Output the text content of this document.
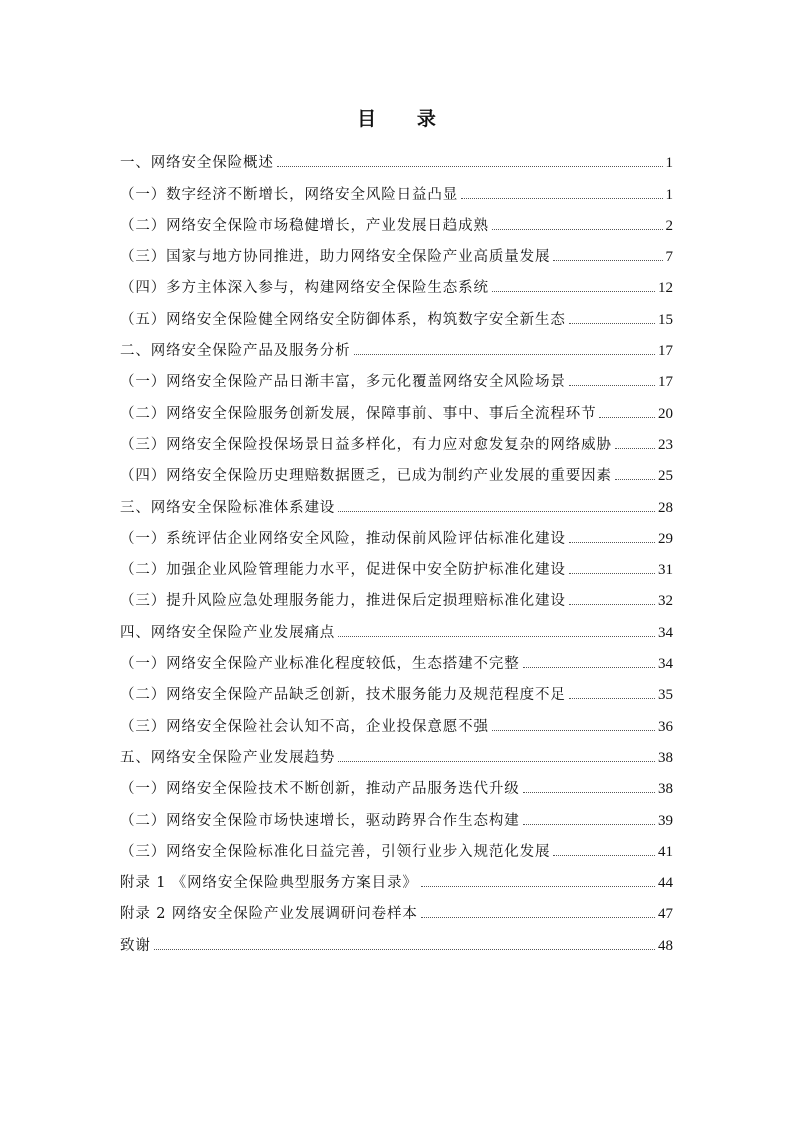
目 录
一、网络安全保险概述	1
（一）数字经济不断增长，网络安全风险日益凸显	1
（二）网络安全保险市场稳健增长，产业发展日趋成熟	2
（三）国家与地方协同推进，助力网络安全保险产业高质量发展	7
（四）多方主体深入参与，构建网络安全保险生态系统	12
（五）网络安全保险健全网络安全防御体系，构筑数字安全新生态	15
二、网络安全保险产品及服务分析	17
（一）网络安全保险产品日渐丰富，多元化覆盖网络安全风险场景	17
（二）网络安全保险服务创新发展，保障事前、事中、事后全流程环节	20
（三）网络安全保险投保场景日益多样化，有力应对愈发复杂的网络威胁	23
（四）网络安全保险历史理赔数据匮乏，已成为制约产业发展的重要因素	25
三、网络安全保险标准体系建设	28
（一）系统评估企业网络安全风险，推动保前风险评估标准化建设	29
（二）加强企业风险管理能力水平，促进保中安全防护标准化建设	31
（三）提升风险应急处理服务能力，推进保后定损理赔标准化建设	32
四、网络安全保险产业发展痛点	34
（一）网络安全保险产业标准化程度较低，生态搭建不完整	34
（二）网络安全保险产品缺乏创新，技术服务能力及规范程度不足	35
（三）网络安全保险社会认知不高，企业投保意愿不强	36
五、网络安全保险产业发展趋势	38
（一）网络安全保险技术不断创新，推动产品服务迭代升级	38
（二）网络安全保险市场快速增长，驱动跨界合作生态构建	39
（三）网络安全保险标准化日益完善，引领行业步入规范化发展	41
附录 1 《网络安全保险典型服务方案目录》	44
附录 2 网络安全保险产业发展调研问卷样本	47
致谢	48
